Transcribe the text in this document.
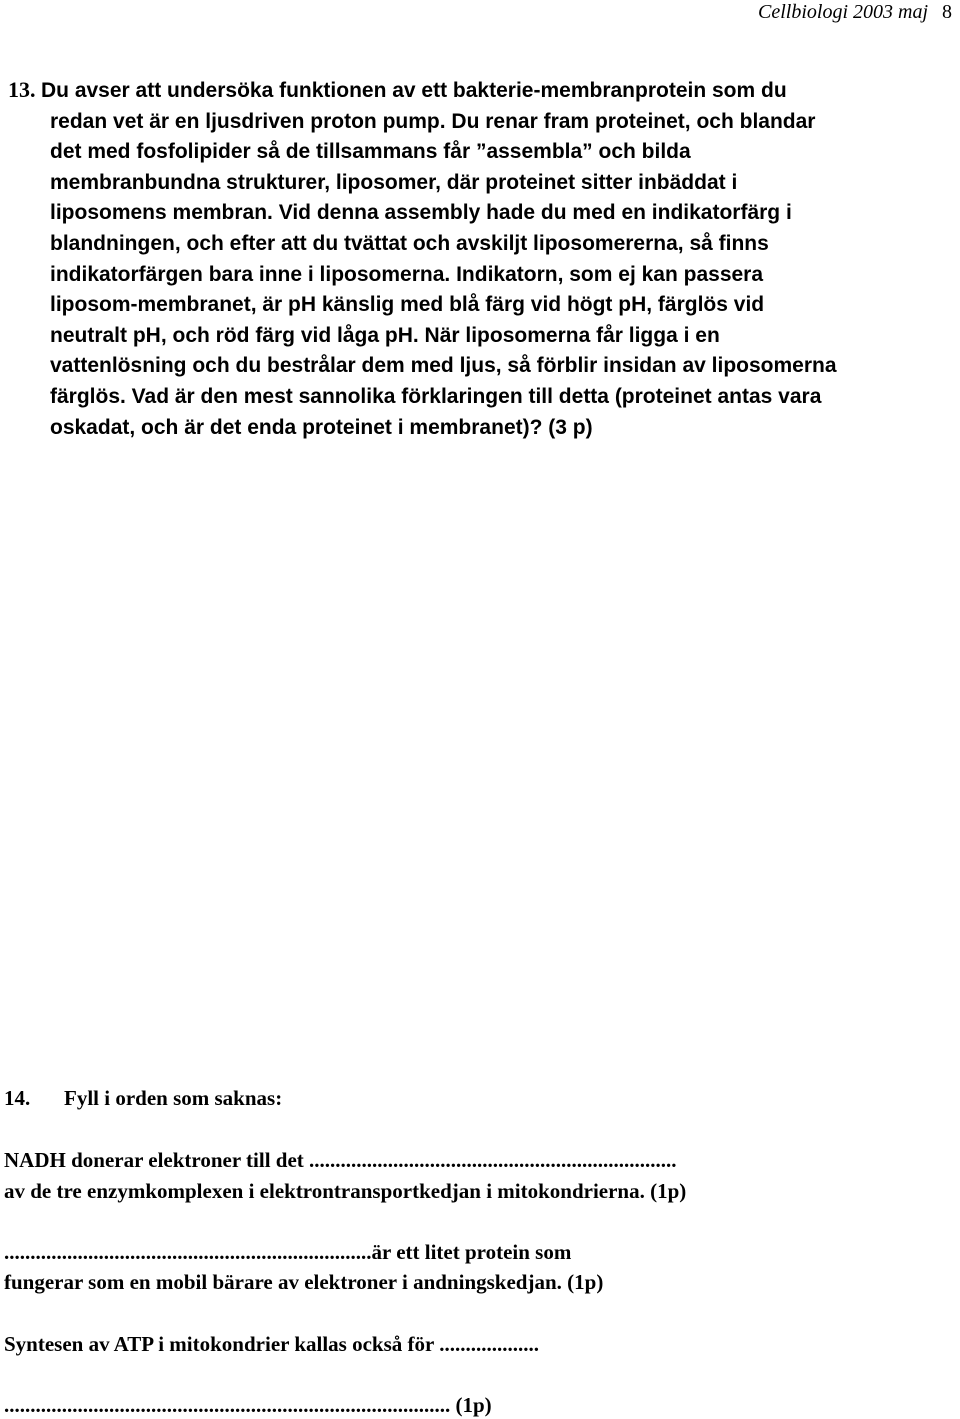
Cellbiologi 2003 maj 8
13. Du avser att undersöka funktionen av ett bakterie-membranprotein som du
redan vet är en ljusdriven proton pump. Du renar fram proteinet, och blandar
det med fosfolipider så de tillsammans får ”assembla” och bilda
membranbundna strukturer, liposomer, där proteinet sitter inbäddat i
liposomens membran. Vid denna assembly hade du med en indikatorfärg i
blandningen, och efter att du tvättat och avskiljt liposomererna, så finns
indikatorfärgen bara inne i liposomerna. Indikatorn, som ej kan passera
liposom-membranet, är pH känslig med blå färg vid högt pH, färglös vid
neutralt pH, och röd färg vid låga pH. När liposomerna får ligga i en
vattenlösning och du bestrålar dem med ljus, så förblir insidan av liposomerna
färglös. Vad är den mest sannolika förklaringen till detta (proteinet antas vara
oskadat, och är det enda proteinet i membranet)? (3 p)
14. Fyll i orden som saknas:
NADH donerar elektroner till det ......................................................................
av de tre enzymkomplexen i elektrontransportkedjan i mitokondrierna. (1p)
......................................................................är ett litet protein som
fungerar som en mobil bärare av elektroner i andningskedjan. (1p)
Syntesen av ATP i mitokondrier kallas också för ...................
..................................................................................... (1p)
